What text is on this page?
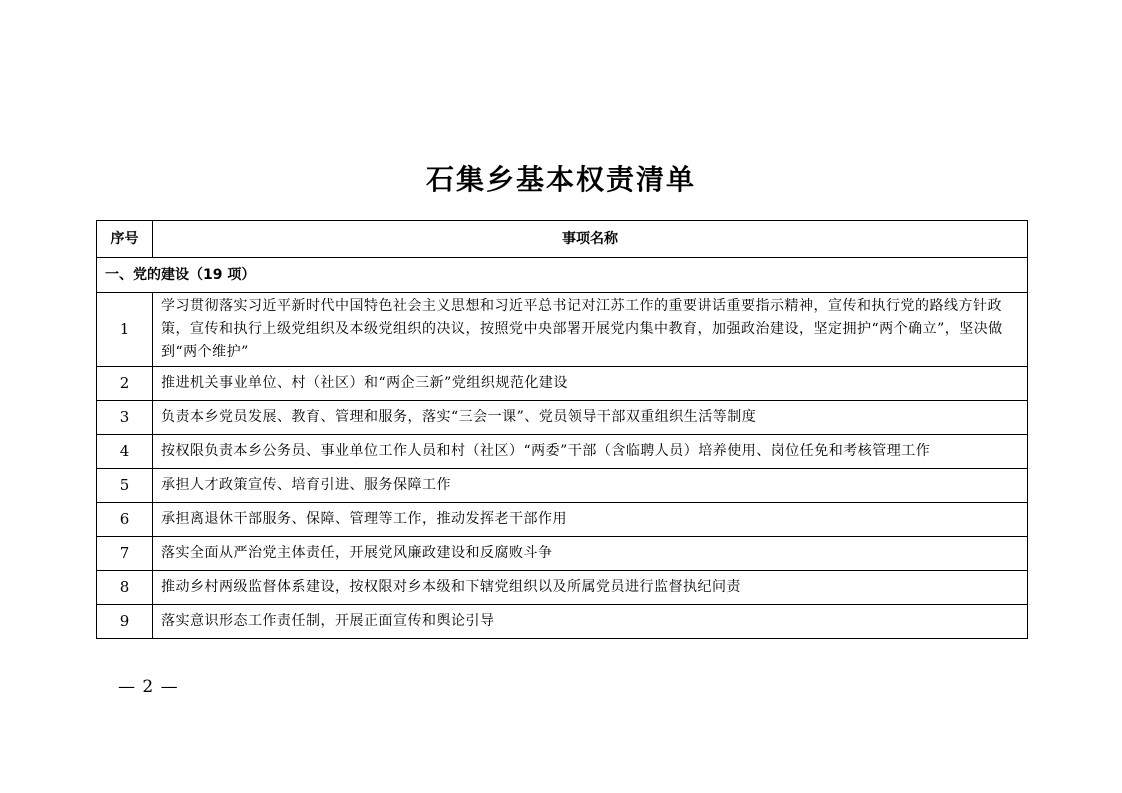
石集乡基本权责清单
序号	事项名称
一、党的建设（19 项）	
1	学习贯彻落实习近平新时代中国特色社会主义思想和习近平总书记对江苏工作的重要讲话重要指示精神，宣传和执行党的路线方针政策，宣传和执行上级党组织及本级党组织的决议，按照党中央部署开展党内集中教育，加强政治建设，坚定拥护“两个确立”，坚决做到“两个维护”
2	推进机关事业单位、村（社区）和“两企三新”党组织规范化建设
3	负责本乡党员发展、教育、管理和服务，落实“三会一课”、党员领导干部双重组织生活等制度
4	按权限负责本乡公务员、事业单位工作人员和村（社区）“两委”干部（含临聘人员）培养使用、岗位任免和考核管理工作
5	承担人才政策宣传、培育引进、服务保障工作
6	承担离退休干部服务、保障、管理等工作，推动发挥老干部作用
7	落实全面从严治党主体责任，开展党风廉政建设和反腐败斗争
8	推动乡村两级监督体系建设，按权限对乡本级和下辖党组织以及所属党员进行监督执纪问责
9	落实意识形态工作责任制，开展正面宣传和舆论引导
— 2 —
